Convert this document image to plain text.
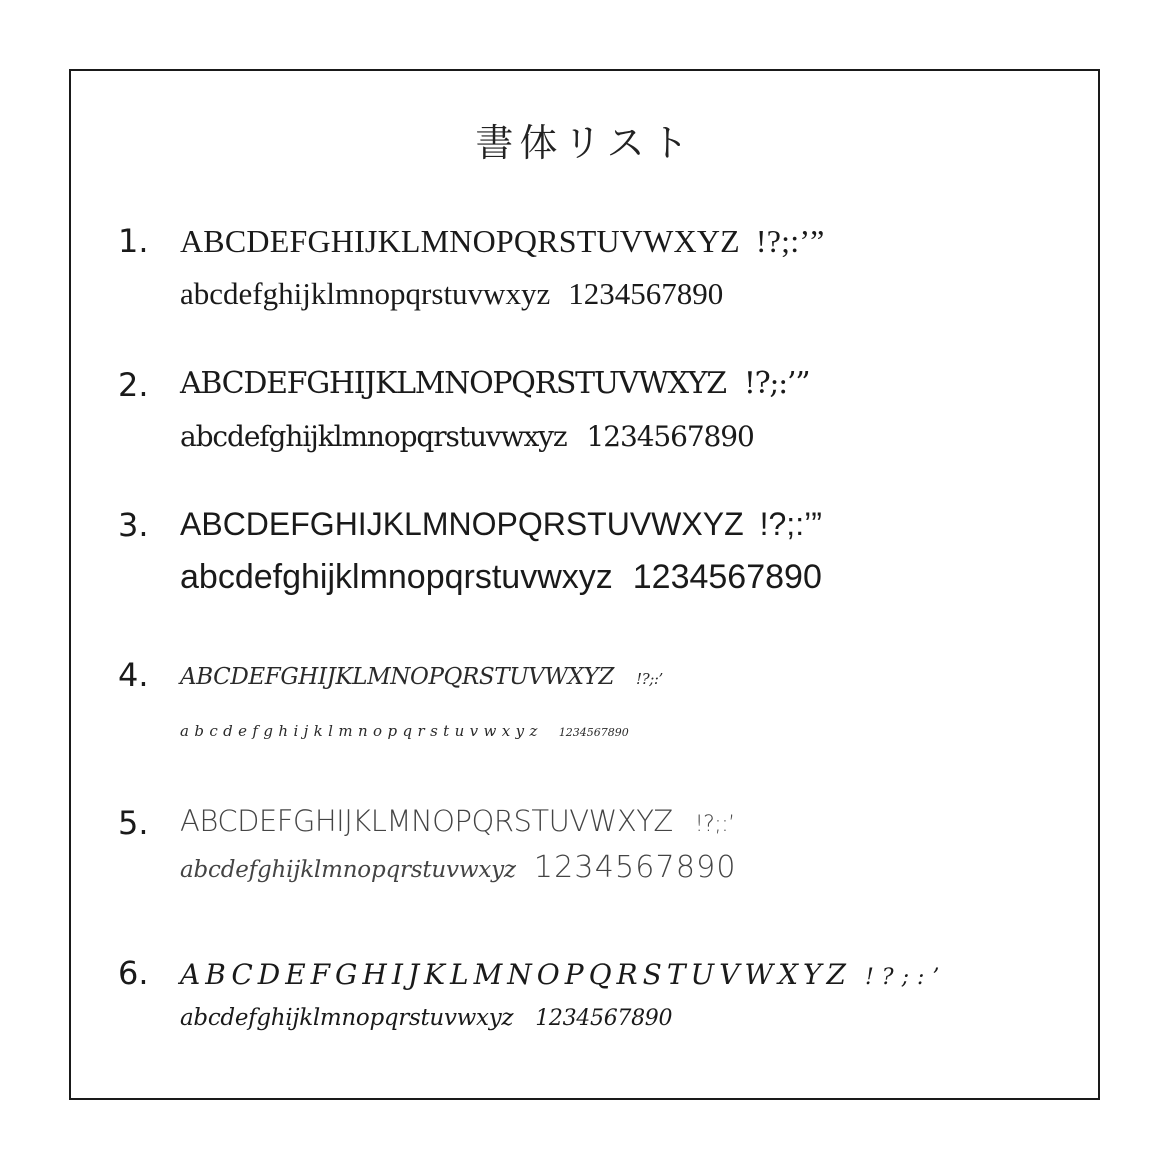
書体リスト
1. ABCDEFGHIJKLMNOPQRSTUVWXYZ !?;:’”
abcdefghijklmnopqrstuvwxyz 1234567890
2. ABCDEFGHIJKLMNOPQRSTUVWXYZ !?;:’”
abcdefghijklmnopqrstuvwxyz 1234567890
3. ABCDEFGHIJKLMNOPQRSTUVWXYZ !?;:’”
abcdefghijklmnopqrstuvwxyz 1234567890
4. ABCDEFGHIJKLMNOPQRSTUVWXYZ !?;:’
abcdefghijklmnopqrstuvwxyz 1234567890
5. ABCDEFGHIJKLMNOPQRSTUVWXYZ !?;:’
abcdefghijklmnopqrstuvwxyz 1234567890
6. ABCDEFGHIJKLMNOPQRSTUVWXYZ !?;:’
abcdefghijklmnopqrstuvwxyz 1234567890
